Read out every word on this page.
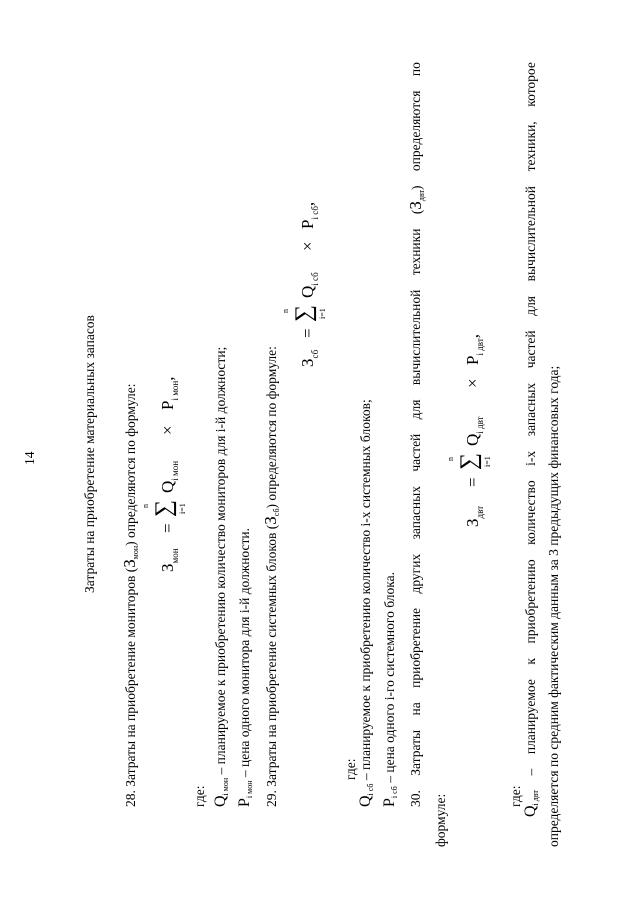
14	Затраты на приобретение материальных запасов
28. Затраты на приобретение мониторов $(З_{мон})$ определяются по формуле:
$З_{мон}$
=
n ∑ i=1
$Q_{i мон}$
×
$P_{i мон}$,
где: $Q_{i мон}$ – планируемое к приобретению количество мониторов для i-й должности;
$P_{i мон}$ – цена одного монитора для i-й должности. 29. Затраты на приобретение системных блоков $(З_{сб})$ определяются по формуле:	$З_{сб}$
=
n ∑ i=1
$Q_{i сб}$
×
$P_{i сб}$,
где:
$Q_{i сб}$ – планируемое к приобретению количество i-х системных блоков;
$P_{i сб}$ – цена одного i-го системного блока.
30.
Затраты
на
приобретение
других
запасных
частей
для
вычислительной
техники
$(З_{двт})$
определяются
по
формуле:
$З_{двт}$
=
n ∑ i=1
$Q_{i двт}$
×
$P_{i двт}$,
где:
$Q_{i двт}$
–
планируемое
к
приобретению
количество
i-х
запасных
частей
для
вычислительной
техники,
которое
определяется по средним фактическим данным за 3 предыдущих финансовых года;
